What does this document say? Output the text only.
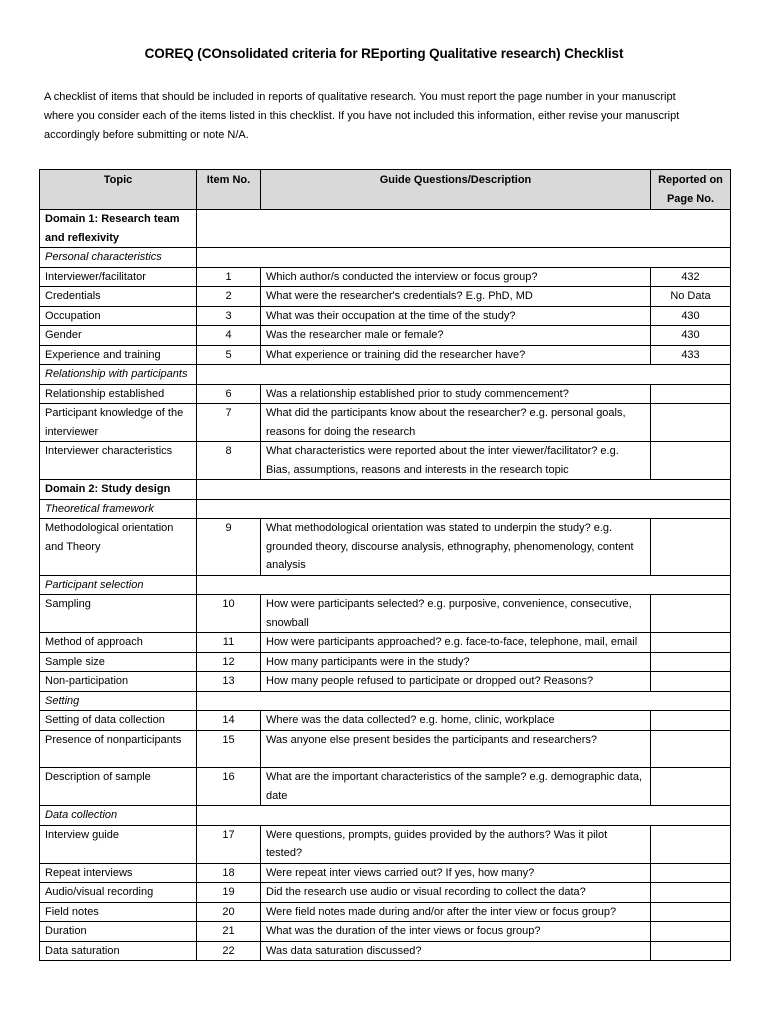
COREQ (COnsolidated criteria for REporting Qualitative research) Checklist

A checklist of items that should be included in reports of qualitative research. You must report the page number in your manuscript

where you consider each of the items listed in this checklist. If you have not included this information, either revise your manuscript

accordingly before submitting or note N/A.

Topic	Item No.	Guide Questions/Description	Reported on Page No.
Domain 1: Research team and reflexivity			
Personal characteristics			
Interviewer/facilitator	1	Which author/s conducted the interview or focus group?	432
Credentials	2	What were the researcher's credentials? E.g. PhD, MD	No Data
Occupation	3	What was their occupation at the time of the study?	430
Gender	4	Was the researcher male or female?	430
Experience and training	5	What experience or training did the researcher have?	433
Relationship with participants			
Relationship established	6	Was a relationship established prior to study commencement?	
Participant knowledge of the interviewer	7	What did the participants know about the researcher? e.g. personal goals, reasons for doing the research	
Interviewer characteristics	8	What characteristics were reported about the inter viewer/facilitator? e.g. Bias, assumptions, reasons and interests in the research topic	
Domain 2: Study design			
Theoretical framework			
Methodological orientation and Theory	9	What methodological orientation was stated to underpin the study? e.g. grounded theory, discourse analysis, ethnography, phenomenology, content analysis	
Participant selection			
Sampling	10	How were participants selected? e.g. purposive, convenience, consecutive, snowball	
Method of approach	11	How were participants approached? e.g. face-to-face, telephone, mail, email	
Sample size	12	How many participants were in the study?	
Non-participation	13	How many people refused to participate or dropped out? Reasons?	
Setting			
Setting of data collection	14	Where was the data collected? e.g. home, clinic, workplace	
Presence of nonparticipants	15	Was anyone else present besides the participants and researchers?	
Description of sample	16	What are the important characteristics of the sample? e.g. demographic data, date	
Data collection			
Interview guide	17	Were questions, prompts, guides provided by the authors? Was it pilot tested?	
Repeat interviews	18	Were repeat inter views carried out? If yes, how many?	
Audio/visual recording	19	Did the research use audio or visual recording to collect the data?	
Field notes	20	Were field notes made during and/or after the inter view or focus group?	
Duration	21	What was the duration of the inter views or focus group?	
Data saturation	22	Was data saturation discussed?	
